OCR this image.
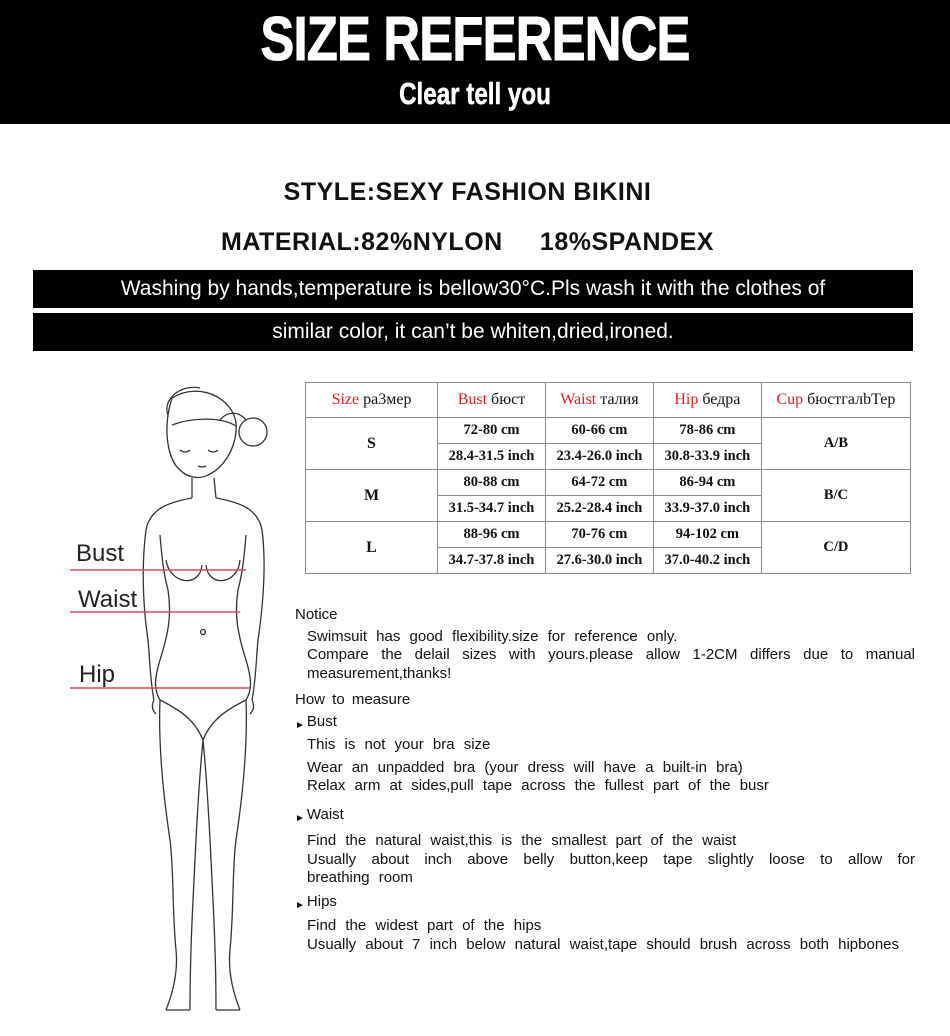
SIZE REFERENCE
Clear tell you
STYLE:SEXY FASHION BIKINI
MATERIAL:82%NYLON     18%SPANDEX
Washing by hands,temperature is bellow30°C.Pls wash it with the clothes of
similar color, it can’t be whiten,dried,ironed.
Bust
Waist
Hip
Size рa3мер	Bust бюст	Waist талия	Hip бедра	Cup бюстгалbТер
S	72-80 cm	60-66 cm	78-86 cm	A/B
	28.4-31.5 inch	23.4-26.0 inch	30.8-33.9 inch	
M	80-88 cm	64-72 cm	86-94 cm	B/C
	31.5-34.7 inch	25.2-28.4 inch	33.9-37.0 inch	
L	88-96 cm	70-76 cm	94-102 cm	C/D
	34.7-37.8 inch	27.6-30.0 inch	37.0-40.2 inch	
Notice
Swimsuit has good flexibility.size for reference only.
Compare the delail sizes with yours.please allow 1-2CM differs due to manual measurement,thanks!
How to measure
► Bust
This is not your bra size
Wear an unpadded bra (your dress will have a built-in bra)
Relax arm at sides,pull tape across the fullest part of the busr
► Waist
Find the natural waist,this is the smallest part of the waist
Usually about inch above belly button,keep tape slightly loose to allow for breathing room
► Hips
Find the widest part of the hips
Usually about 7 inch below natural waist,tape should brush across both hipbones
